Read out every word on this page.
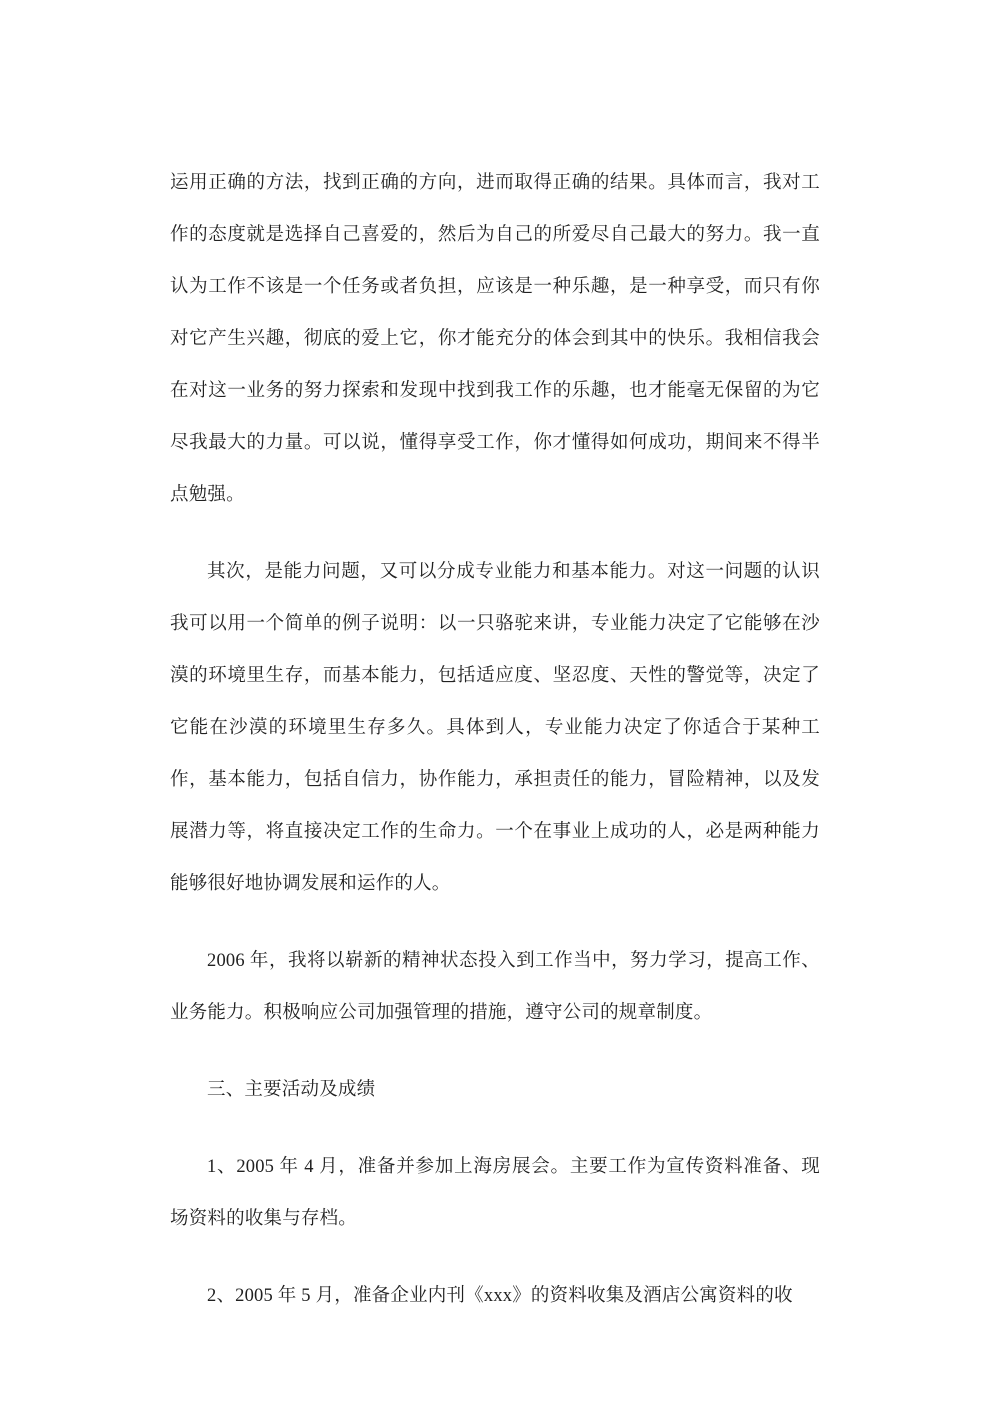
运用正确的方法，找到正确的方向，进而取得正确的结果。具体而言，我对工作的态度就是选择自己喜爱的，然后为自己的所爱尽自己最大的努力。我一直认为工作不该是一个任务或者负担，应该是一种乐趣，是一种享受，而只有你对它产生兴趣，彻底的爱上它，你才能充分的体会到其中的快乐。我相信我会在对这一业务的努力探索和发现中找到我工作的乐趣，也才能毫无保留的为它尽我最大的力量。可以说，懂得享受工作，你才懂得如何成功，期间来不得半点勉强。

其次，是能力问题，又可以分成专业能力和基本能力。对这一问题的认识我可以用一个简单的例子说明：以一只骆驼来讲，专业能力决定了它能够在沙漠的环境里生存，而基本能力，包括适应度、坚忍度、天性的警觉等，决定了它能在沙漠的环境里生存多久。具体到人，专业能力决定了你适合于某种工作，基本能力，包括自信力，协作能力，承担责任的能力，冒险精神，以及发展潜力等，将直接决定工作的生命力。一个在事业上成功的人，必是两种能力能够很好地协调发展和运作的人。

2006 年，我将以崭新的精神状态投入到工作当中，努力学习，提高工作、业务能力。积极响应公司加强管理的措施，遵守公司的规章制度。

三、主要活动及成绩

1、2005 年 4 月，准备并参加上海房展会。主要工作为宣传资料准备、现场资料的收集与存档。

2、2005 年 5 月，准备企业内刊《xxx》的资料收集及酒店公寓资料的收
